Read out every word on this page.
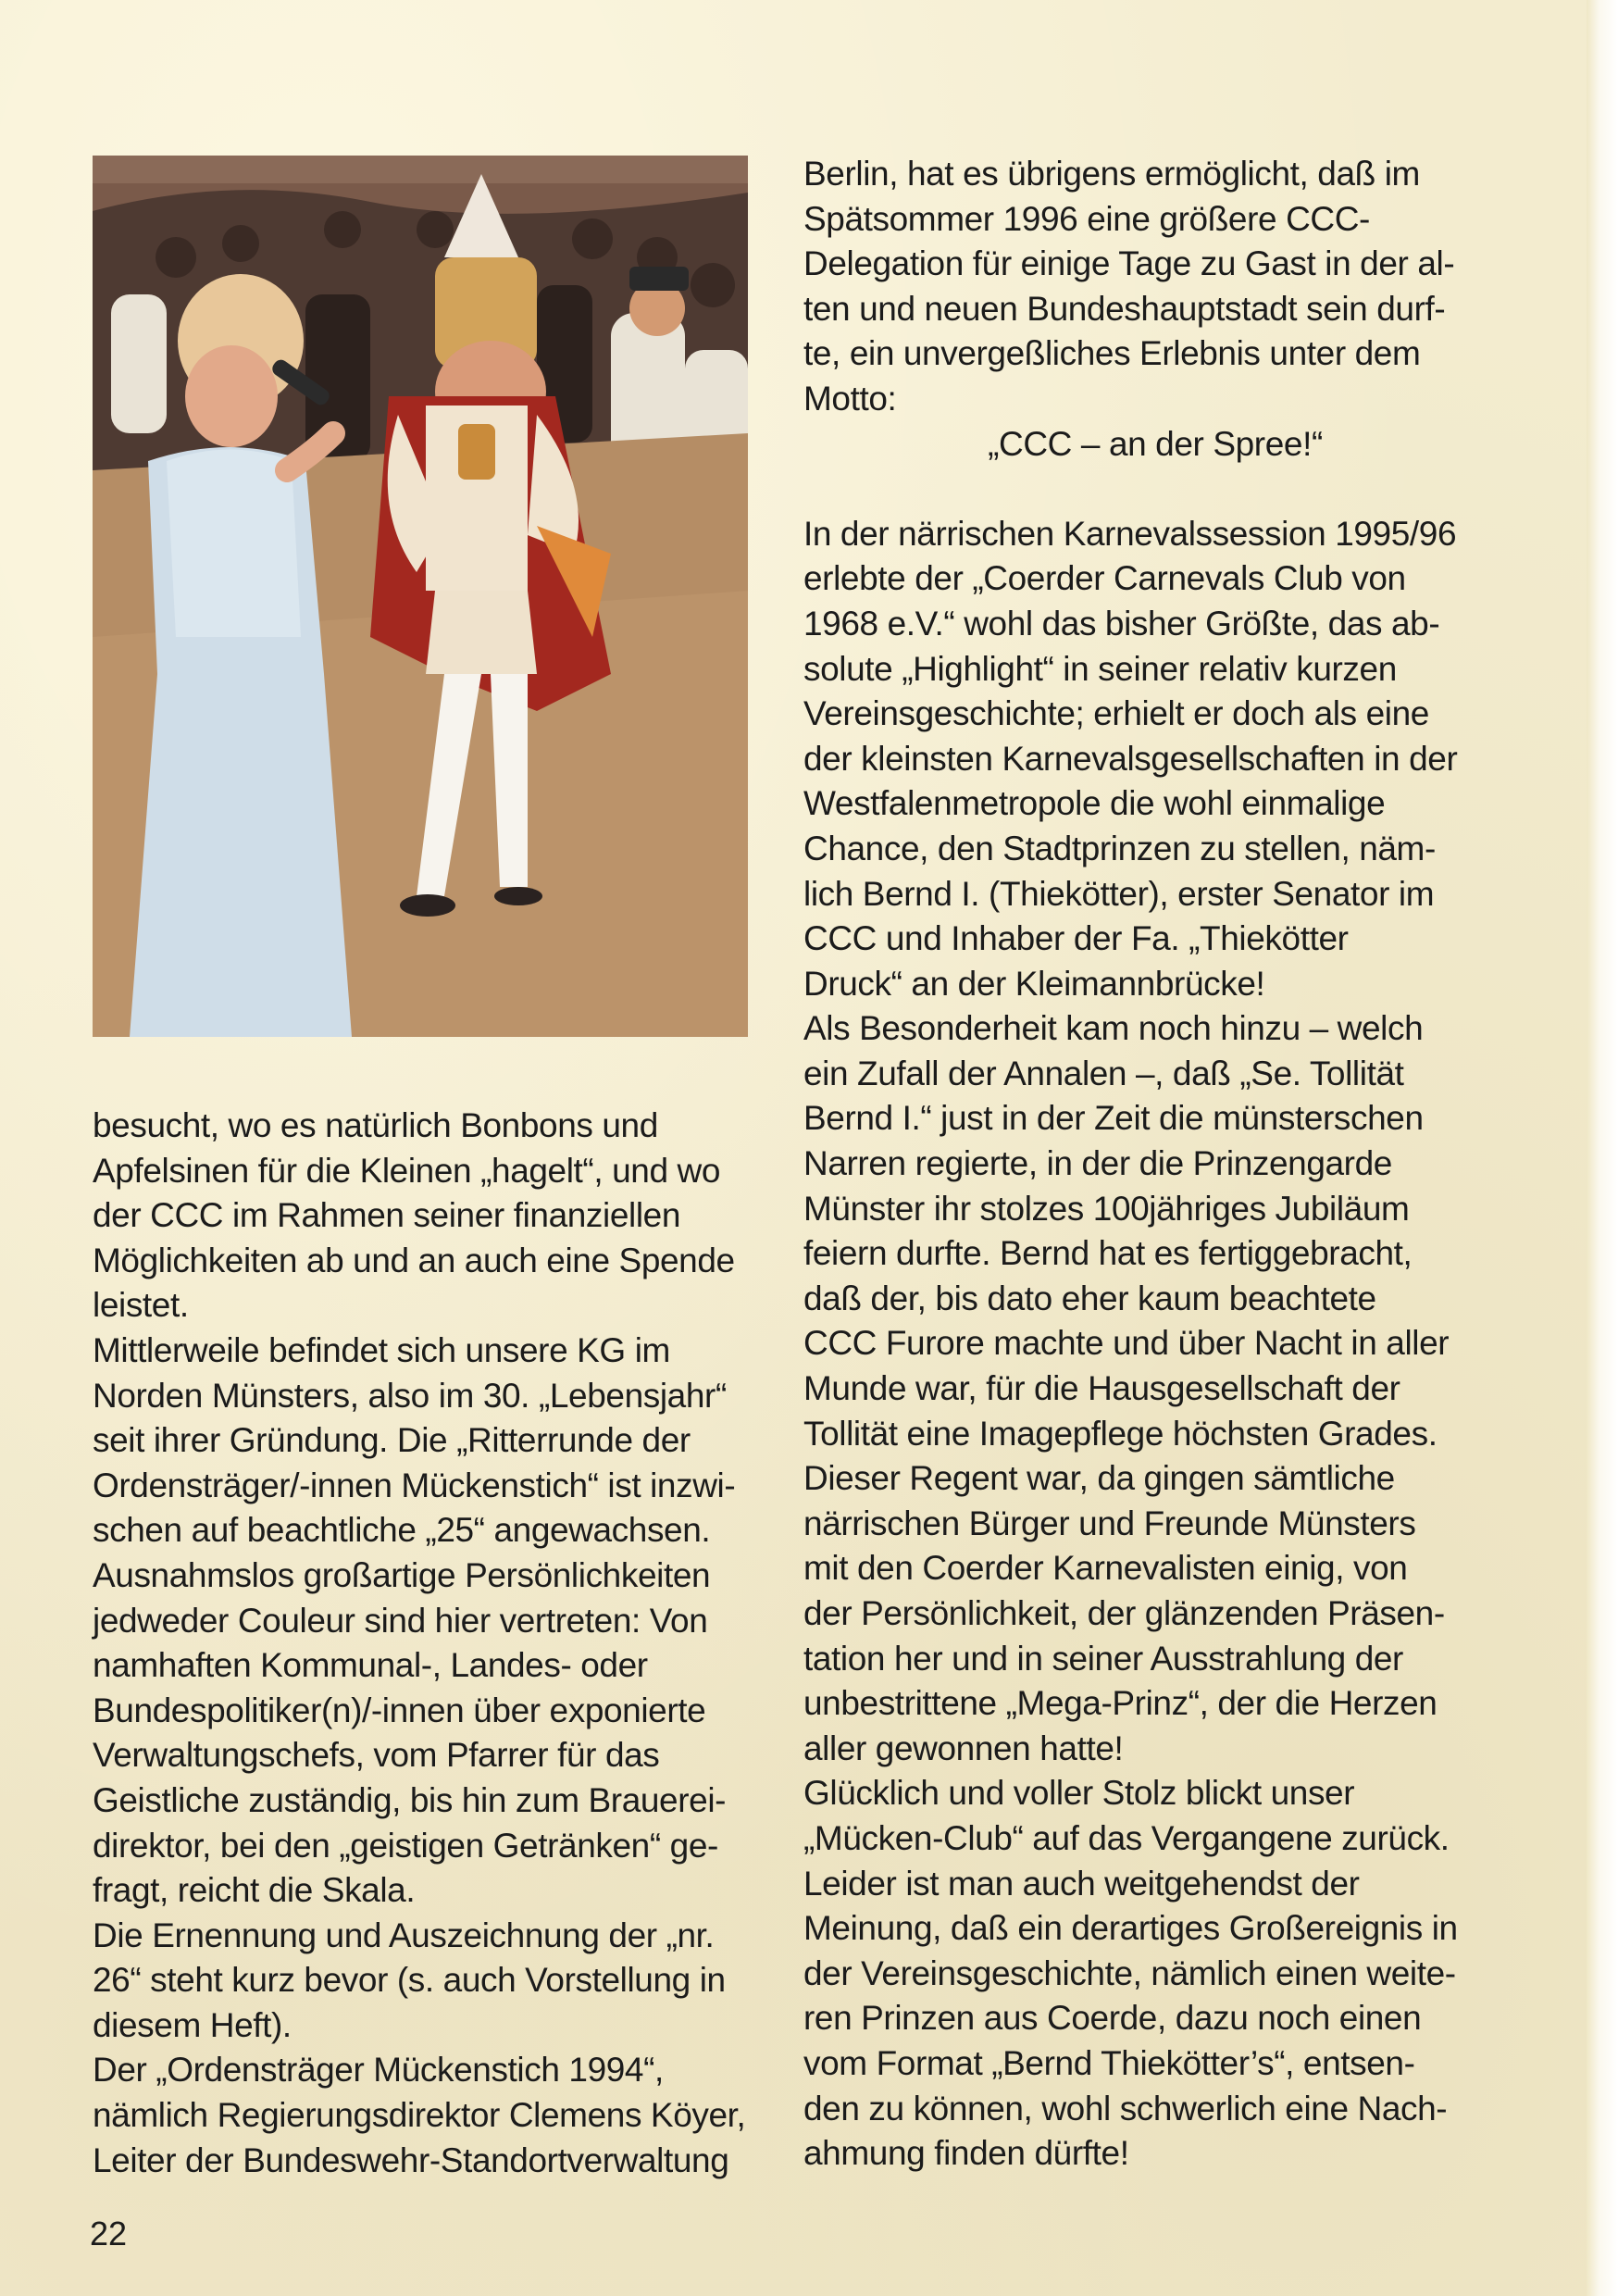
besucht, wo es natürlich Bonbons und
Apfelsinen für die Kleinen „hagelt“, und wo
der CCC im Rahmen seiner finanziellen
Möglichkeiten ab und an auch eine Spende
leistet.
Mittlerweile befindet sich unsere KG im
Norden Münsters, also im 30. „Lebensjahr“
seit ihrer Gründung. Die „Ritterrunde der
Ordensträger/-innen Mückenstich“ ist inzwi-
schen auf beachtliche „25“ angewachsen.
Ausnahmslos großartige Persönlichkeiten
jedweder Couleur sind hier vertreten: Von
namhaften Kommunal-, Landes- oder
Bundespolitiker(n)/-innen über exponierte
Verwaltungschefs, vom Pfarrer für das
Geistliche zuständig, bis hin zum Brauerei-
direktor, bei den „geistigen Getränken“ ge-
fragt, reicht die Skala.
Die Ernennung und Auszeichnung der „nr.
26“ steht kurz bevor (s. auch Vorstellung in
diesem Heft).
Der „Ordensträger Mückenstich 1994“,
nämlich Regierungsdirektor Clemens Köyer,
Leiter der Bundeswehr-Standortverwaltung
Berlin, hat es übrigens ermöglicht, daß im
Spätsommer 1996 eine größere CCC-
Delegation für einige Tage zu Gast in der al-
ten und neuen Bundeshauptstadt sein durf-
te, ein unvergeßliches Erlebnis unter dem
Motto:
„CCC – an der Spree!“
In der närrischen Karnevalssession 1995/96
erlebte der „Coerder Carnevals Club von
1968 e.V.“ wohl das bisher Größte, das ab-
solute „Highlight“ in seiner relativ kurzen
Vereinsgeschichte; erhielt er doch als eine
der kleinsten Karnevalsgesellschaften in der
Westfalenmetropole die wohl einmalige
Chance, den Stadtprinzen zu stellen, näm-
lich Bernd I. (Thiekötter), erster Senator im
CCC und Inhaber der Fa. „Thiekötter
Druck“ an der Kleimannbrücke!
Als Besonderheit kam noch hinzu – welch
ein Zufall der Annalen –, daß „Se. Tollität
Bernd I.“ just in der Zeit die münsterschen
Narren regierte, in der die Prinzengarde
Münster ihr stolzes 100jähriges Jubiläum
feiern durfte. Bernd hat es fertiggebracht,
daß der, bis dato eher kaum beachtete
CCC Furore machte und über Nacht in aller
Munde war, für die Hausgesellschaft der
Tollität eine Imagepflege höchsten Grades.
Dieser Regent war, da gingen sämtliche
närrischen Bürger und Freunde Münsters
mit den Coerder Karnevalisten einig, von
der Persönlichkeit, der glänzenden Präsen-
tation her und in seiner Ausstrahlung der
unbestrittene „Mega-Prinz“, der die Herzen
aller gewonnen hatte!
Glücklich und voller Stolz blickt unser
„Mücken-Club“ auf das Vergangene zurück.
Leider ist man auch weitgehendst der
Meinung, daß ein derartiges Großereignis in
der Vereinsgeschichte, nämlich einen weite-
ren Prinzen aus Coerde, dazu noch einen
vom Format „Bernd Thiekötter’s“, entsen-
den zu können, wohl schwerlich eine Nach-
ahmung finden dürfte!
22
